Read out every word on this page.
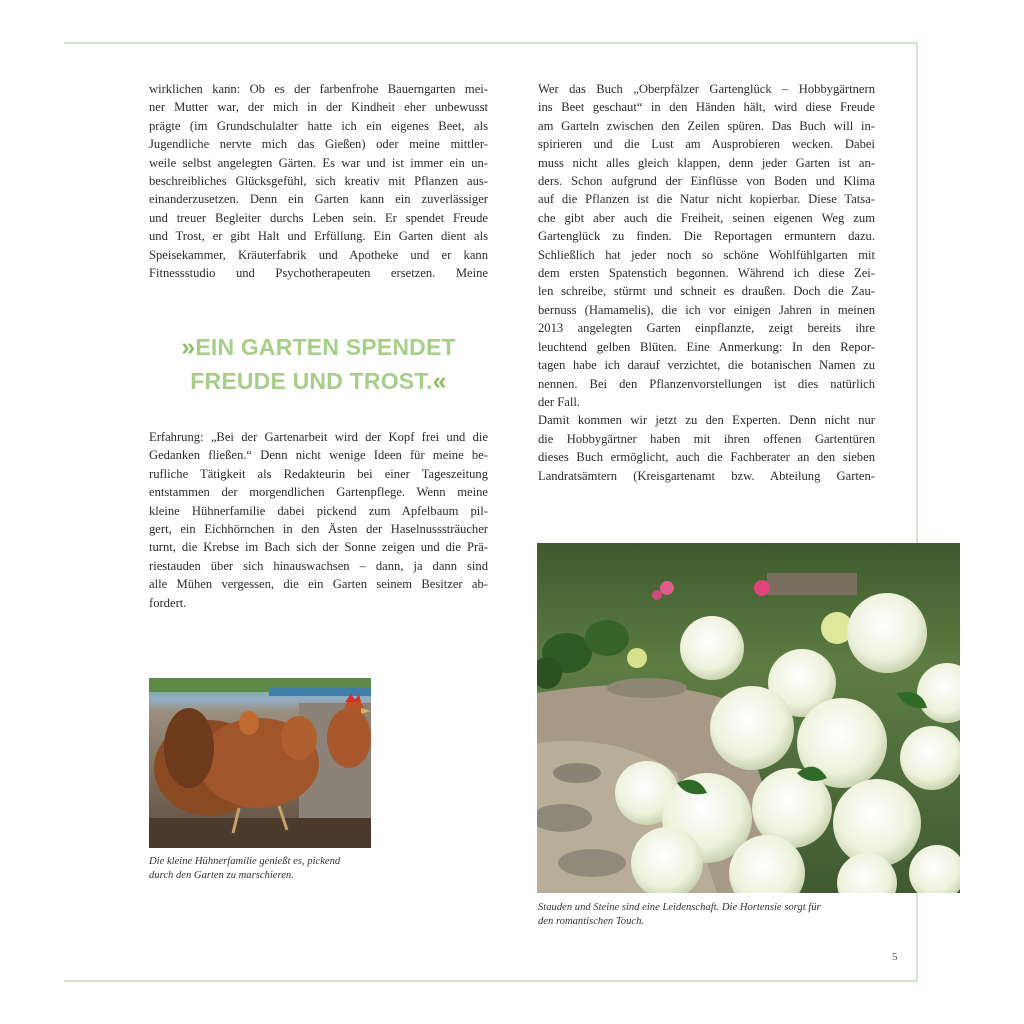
wirklichen kann: Ob es der farbenfrohe Bauerngarten mei-
ner Mutter war, der mich in der Kindheit eher unbewusst
prägte (im Grundschulalter hatte ich ein eigenes Beet, als
Jugendliche nervte mich das Gießen) oder meine mittler-
weile selbst angelegten Gärten. Es war und ist immer ein un-
beschreibliches Glücksgefühl, sich kreativ mit Pflanzen aus-
einanderzusetzen. Denn ein Garten kann ein zuverlässiger
und treuer Begleiter durchs Leben sein. Er spendet Freude
und Trost, er gibt Halt und Erfüllung. Ein Garten dient als
Speisekammer, Kräuterfabrik und Apotheke und er kann
Fitnessstudio und Psychotherapeuten ersetzen. Meine
»EIN GARTEN SPENDET
FREUDE UND TROST.«
Erfahrung: „Bei der Gartenarbeit wird der Kopf frei und die
Gedanken fließen.“ Denn nicht wenige Ideen für meine be-
rufliche Tätigkeit als Redakteurin bei einer Tageszeitung
entstammen der morgendlichen Gartenpflege. Wenn meine
kleine Hühnerfamilie dabei pickend zum Apfelbaum pil-
gert, ein Eichhörnchen in den Ästen der Haselnusssträucher
turnt, die Krebse im Bach sich der Sonne zeigen und die Prä-
riestauden über sich hinauswachsen – dann, ja dann sind
alle Mühen vergessen, die ein Garten seinem Besitzer ab-
fordert.
Wer das Buch „Oberpfälzer Gartenglück – Hobbygärtnern
ins Beet geschaut“ in den Händen hält, wird diese Freude
am Garteln zwischen den Zeilen spüren. Das Buch will in-
spirieren und die Lust am Ausprobieren wecken. Dabei
muss nicht alles gleich klappen, denn jeder Garten ist an-
ders. Schon aufgrund der Einflüsse von Boden und Klima
auf die Pflanzen ist die Natur nicht kopierbar. Diese Tatsa-
che gibt aber auch die Freiheit, seinen eigenen Weg zum
Gartenglück zu finden. Die Reportagen ermuntern dazu.
Schließlich hat jeder noch so schöne Wohlfühlgarten mit
dem ersten Spatenstich begonnen. Während ich diese Zei-
len schreibe, stürmt und schneit es draußen. Doch die Zau-
bernuss (Hamamelis), die ich vor einigen Jahren in meinen
2013 angelegten Garten einpflanzte, zeigt bereits ihre
leuchtend gelben Blüten. Eine Anmerkung: In den Repor-
tagen habe ich darauf verzichtet, die botanischen Namen zu
nennen. Bei den Pflanzenvorstellungen ist dies natürlich
der Fall.
Damit kommen wir jetzt zu den Experten. Denn nicht nur
die Hobbygärtner haben mit ihren offenen Gartentüren
dieses Buch ermöglicht, auch die Fachberater an den sieben
Landratsämtern (Kreisgartenamt bzw. Abteilung Garten-
Die kleine Hühnerfamilie genießt es, pickend
durch den Garten zu marschieren.
Stauden und Steine sind eine Leidenschaft. Die Hortensie sorgt für
den romantischen Touch.
5
